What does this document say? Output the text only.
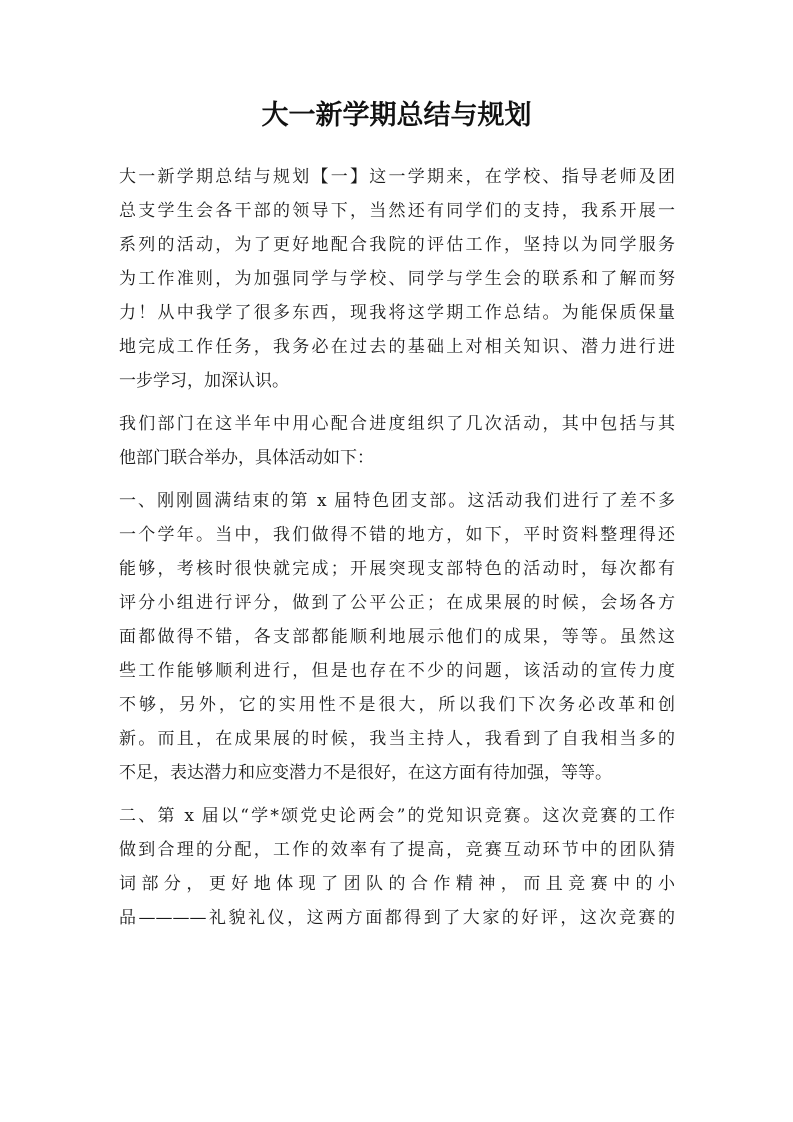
大一新学期总结与规划
大一新学期总结与规划【一】这一学期来，在学校、指导老师及团
总支学生会各干部的领导下，当然还有同学们的支持，我系开展一
系列的活动，为了更好地配合我院的评估工作，坚持以为同学服务
为工作准则，为加强同学与学校、同学与学生会的联系和了解而努
力！从中我学了很多东西，现我将这学期工作总结。为能保质保量
地完成工作任务，我务必在过去的基础上对相关知识、潜力进行进
一步学习，加深认识。
我们部门在这半年中用心配合进度组织了几次活动，其中包括与其
他部门联合举办，具体活动如下：
一、刚刚圆满结束的第 x 届特色团支部。这活动我们进行了差不多
一个学年。当中，我们做得不错的地方，如下，平时资料整理得还
能够，考核时很快就完成；开展突现支部特色的活动时，每次都有
评分小组进行评分，做到了公平公正；在成果展的时候，会场各方
面都做得不错，各支部都能顺利地展示他们的成果，等等。虽然这
些工作能够顺利进行，但是也存在不少的问题，该活动的宣传力度
不够，另外，它的实用性不是很大，所以我们下次务必改革和创
新。而且，在成果展的时候，我当主持人，我看到了自我相当多的
不足，表达潜力和应变潜力不是很好，在这方面有待加强，等等。
二、第 x 届以“学*颂党史论两会”的党知识竞赛。这次竞赛的工作
做到合理的分配，工作的效率有了提高，竞赛互动环节中的团队猜
词部分，更好地体现了团队的合作精神，而且竞赛中的小
品————礼貌礼仪，这两方面都得到了大家的好评，这次竞赛的
